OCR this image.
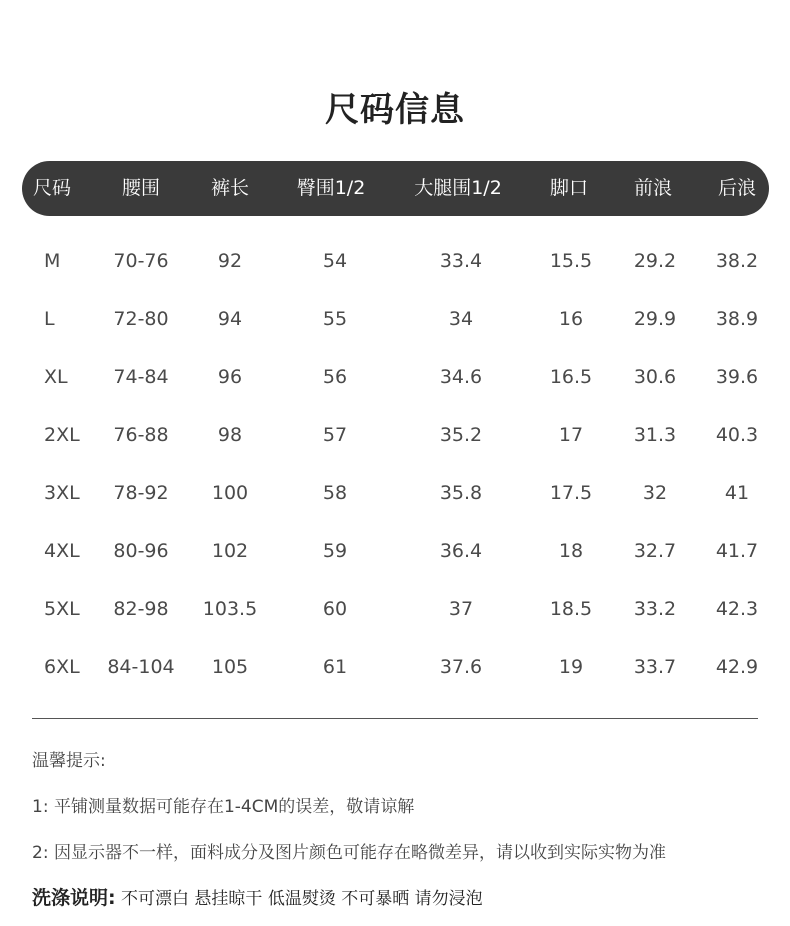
尺码信息
尺码	腰围	裤长	臀围1/2	大腿围1/2	脚口 前浪 后浪
M	70-76	92	54	33.4	15.5 29.2 38.2
L	72-80	94	55	34	16	29.9 38.9
XL 74-84	96	56	34.6	16.5 30.6 39.6
2XL 76-88	98	57	35.2	17	31.3 40.3
3XL 78-92 100	58	35.8	17.5	32	41
4XL 80-96 102	59	36.4	18	32.7 41.7
5XL 82-98 103.5	60	37	18.5 33.2 42.3
6XL 84-104 105	61	37.6	19	33.7 42.9
温馨提示:
1: 平铺测量数据可能存在1-4CM的误差，敬请谅解
2: 因显示器不一样，面料成分及图片颜色可能存在略微差异，请以收到实际实物为准
洗涤说明: 不可漂白 悬挂晾干 低温熨烫 不可暴晒 请勿浸泡
